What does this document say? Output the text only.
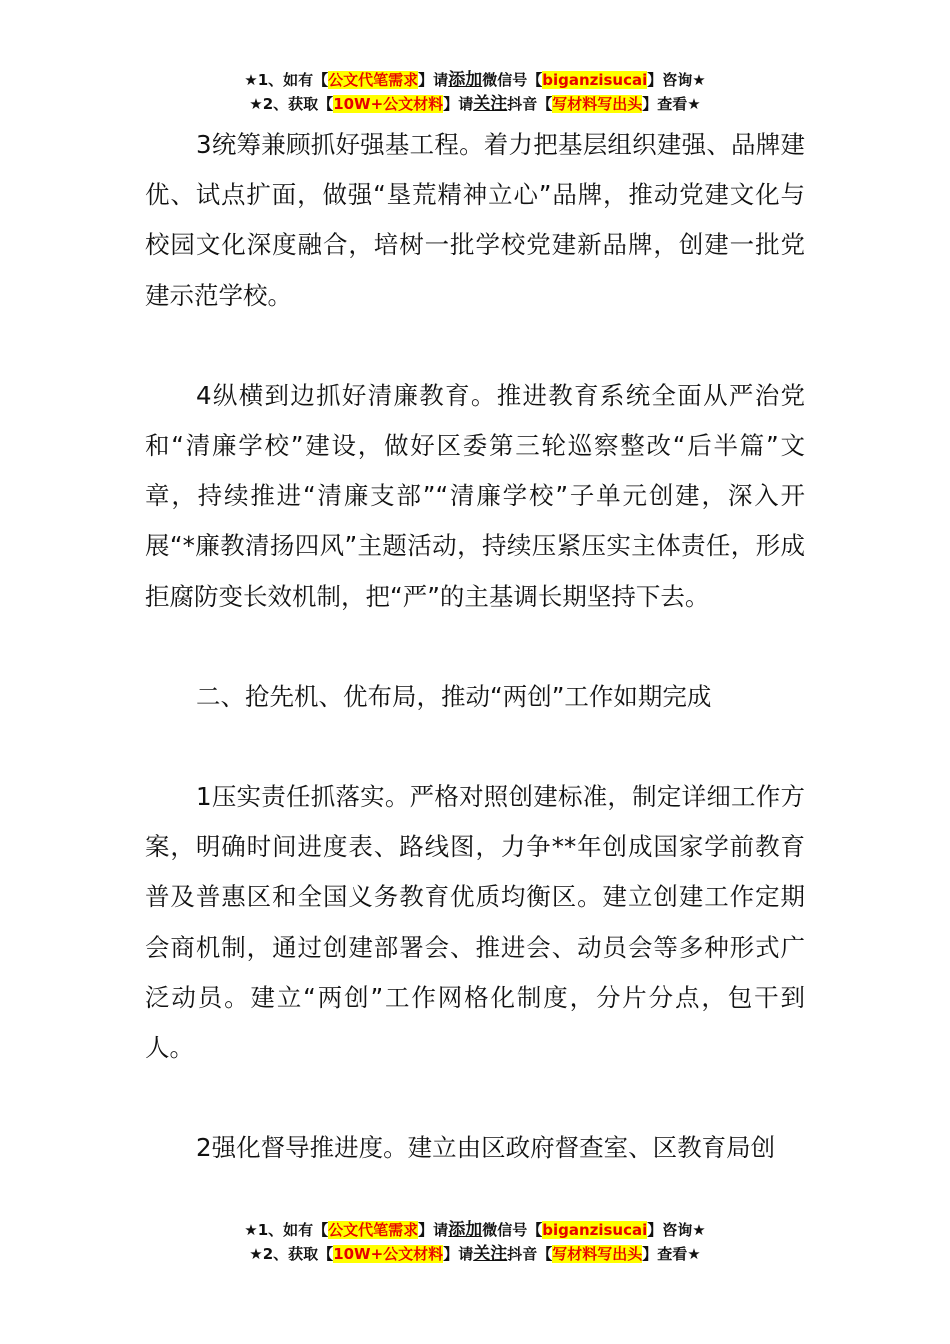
★1、如有【公文代笔需求】请添加微信号【biganzisucai】咨询★
★2、获取【10W+公文材料】请关注抖音【写材料写出头】查看★

3统筹兼顾抓好强基工程。着力把基层组织建强、品牌建优、试点扩面，做强“垦荒精神立心”品牌，推动党建文化与校园文化深度融合，培树一批学校党建新品牌，创建一批党建示范学校。

4纵横到边抓好清廉教育。推进教育系统全面从严治党和“清廉学校”建设，做好区委第三轮巡察整改“后半篇”文章，持续推进“清廉支部”“清廉学校”子单元创建，深入开展“*廉教清扬四风”主题活动，持续压紧压实主体责任，形成拒腐防变长效机制，把“严”的主基调长期坚持下去。

二、抢先机、优布局，推动“两创”工作如期完成

1压实责任抓落实。严格对照创建标准，制定详细工作方案，明确时间进度表、路线图，力争**年创成国家学前教育普及普惠区和全国义务教育优质均衡区。建立创建工作定期会商机制，通过创建部署会、推进会、动员会等多种形式广泛动员。建立“两创”工作网格化制度，分片分点，包干到人。

2强化督导推进度。建立由区政府督查室、区教育局创

★1、如有【公文代笔需求】请添加微信号【biganzisucai】咨询★
★2、获取【10W+公文材料】请关注抖音【写材料写出头】查看★
